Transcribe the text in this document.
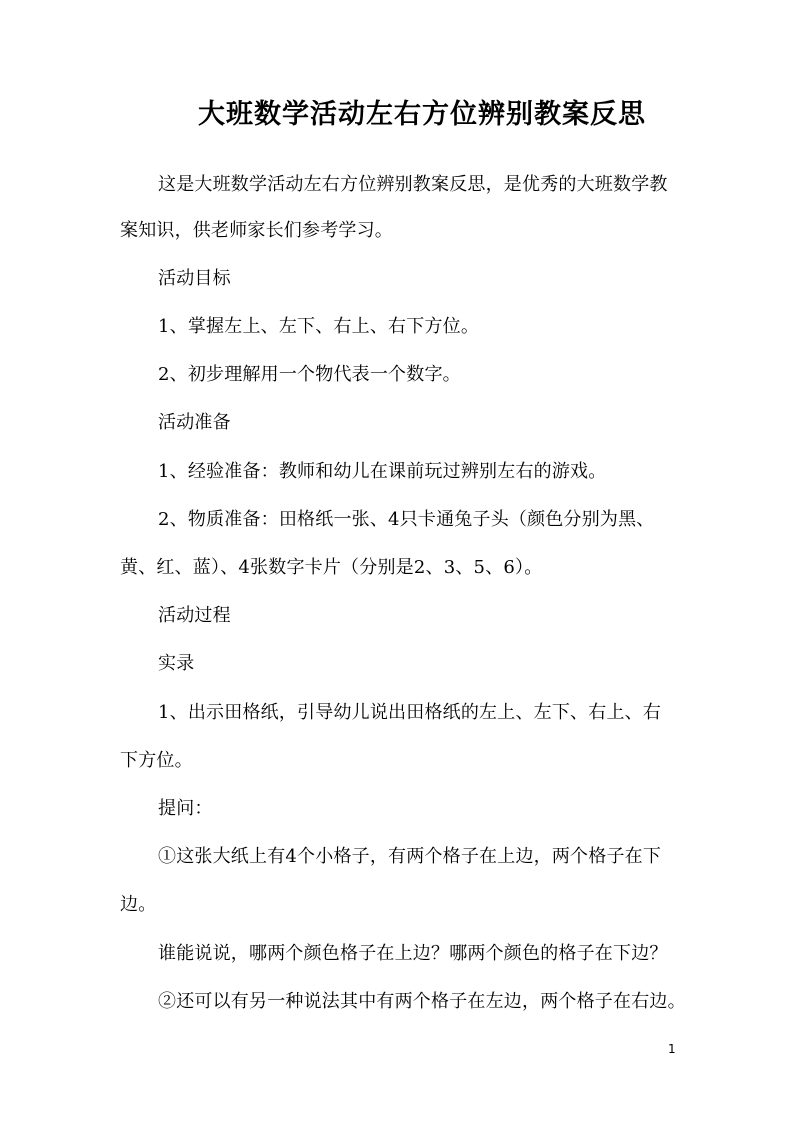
大班数学活动左右方位辨别教案反思
这是大班数学活动左右方位辨别教案反思，是优秀的大班数学教
案知识，供老师家长们参考学习。
活动目标
1、掌握左上、左下、右上、右下方位。
2、初步理解用一个物代表一个数字。
活动准备
1、经验准备：教师和幼儿在课前玩过辨别左右的游戏。
2、物质准备：田格纸一张、4只卡通兔子头（颜色分别为黑、
黄、红、蓝）、4张数字卡片（分别是2、3、5、6）。
活动过程
实录
1、出示田格纸，引导幼儿说出田格纸的左上、左下、右上、右
下方位。
提问：
①这张大纸上有4个小格子，有两个格子在上边，两个格子在下
边。
谁能说说，哪两个颜色格子在上边？哪两个颜色的格子在下边？
②还可以有另一种说法其中有两个格子在左边，两个格子在右边。
1
